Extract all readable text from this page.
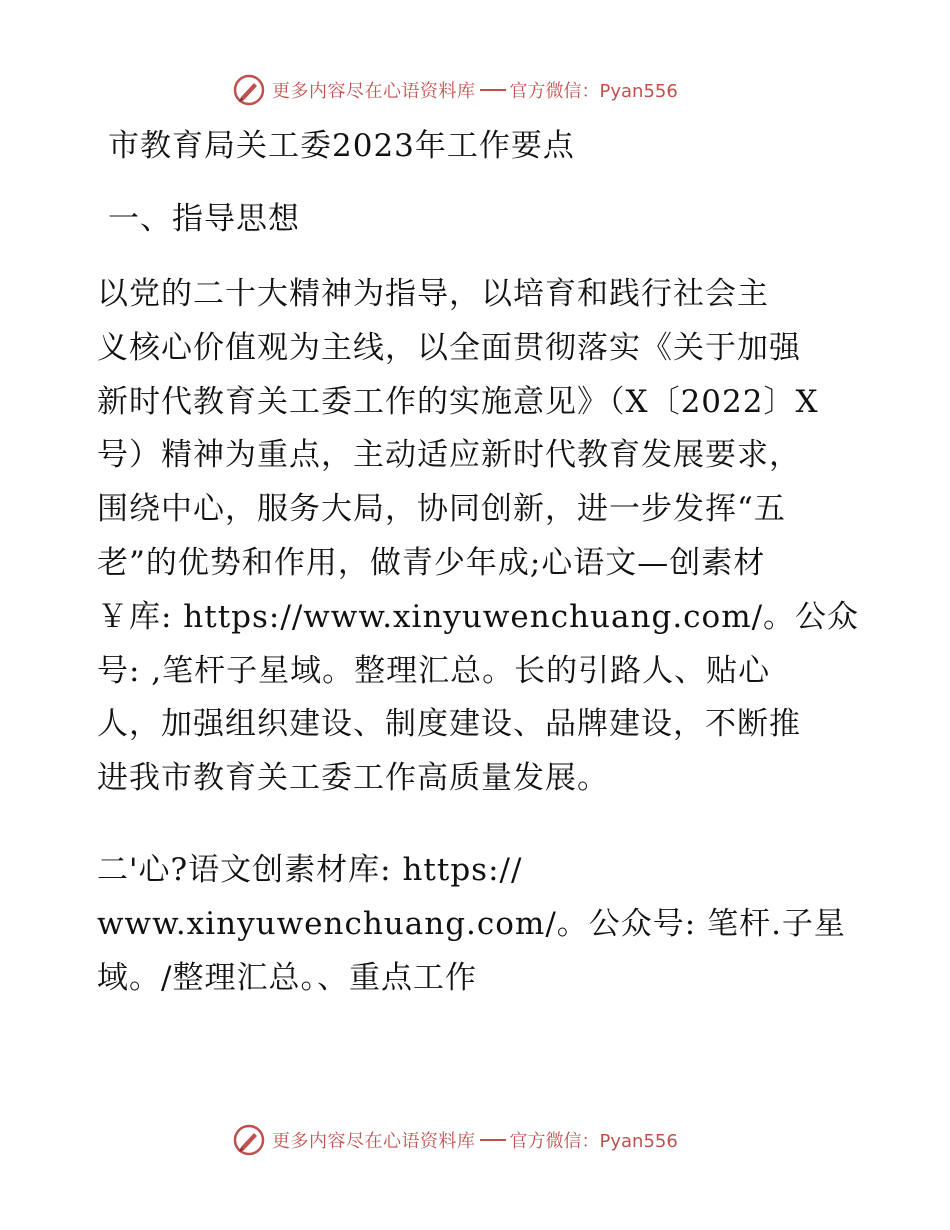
更多内容尽在心语资料库 官方微信：Pyan556
市教育局关工委2023年工作要点
一、指导思想
以党的二十大精神为指导，以培育和践行社会主
义核心价值观为主线，以全面贯彻落实《关于加强
新时代教育关工委工作的实施意见》（X〔2022〕X
号）精神为重点，主动适应新时代教育发展要求，
围绕中心，服务大局，协同创新，进一步发挥“五
老”的优势和作用，做青少年成;心语文—创素材
￥库: https://www.xinyuwenchuang.com/。公众
号: ,笔杆子星域。整理汇总。长的引路人、贴心
人，加强组织建设、制度建设、品牌建设，不断推
进我市教育关工委工作高质量发展。
二'心?语文创素材库: https://
www.xinyuwenchuang.com/。公众号: 笔杆.子星
域。/整理汇总。、重点工作
更多内容尽在心语资料库 官方微信：Pyan556
